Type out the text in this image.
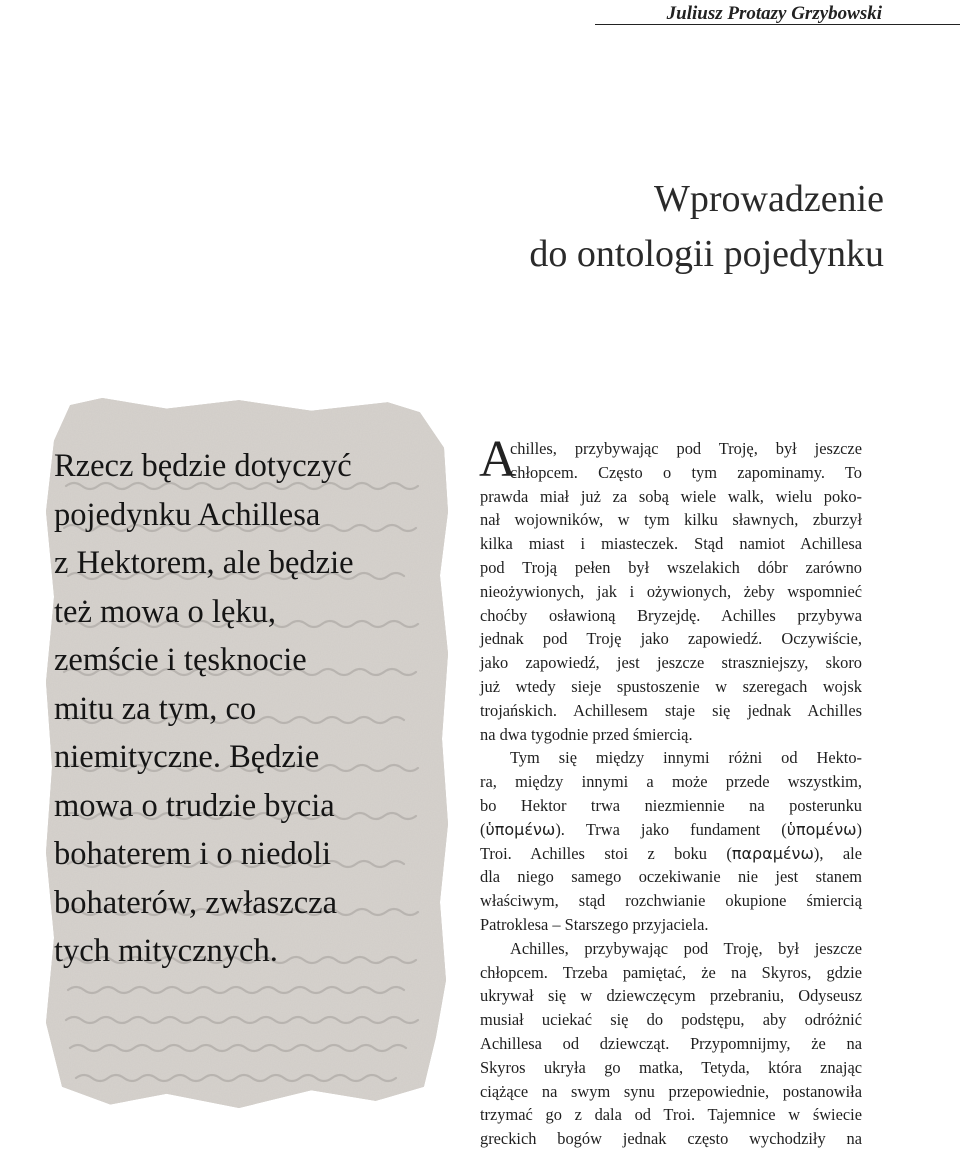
Juliusz Protazy Grzybowski
Wprowadzenie
do ontologii pojedynku
Rzecz będzie dotyczyć
pojedynku Achillesa
z Hektorem, ale będzie
też mowa o lęku,
zemście i tęsknocie
mitu za tym, co
niemityczne. Będzie
mowa o trudzie bycia
bohaterem i o niedoli
bohaterów, zwłaszcza
tych mitycznych.
A
chilles, przybywając pod Troję, był jeszcze
chłopcem. Często o tym zapominamy. To
prawda miał już za sobą wiele walk, wielu poko-
nał wojowników, w tym kilku sławnych, zburzył
kilka miast i miasteczek. Stąd namiot Achillesa
pod Troją pełen był wszelakich dóbr zarówno
nieożywionych, jak i ożywionych, żeby wspomnieć
choćby osławioną Bryzejdę. Achilles przybywa
jednak pod Troję jako zapowiedź. Oczywiście,
jako zapowiedź, jest jeszcze straszniejszy, skoro
już wtedy sieje spustoszenie w szeregach wojsk
trojańskich. Achillesem staje się jednak Achilles
na dwa tygodnie przed śmiercią.
Tym się między innymi różni od Hekto-
ra, między innymi a może przede wszystkim,
bo Hektor trwa niezmiennie na posterunku
(ὑπομένω). Trwa jako fundament (ὑπομένω)
Troi. Achilles stoi z boku (παραμένω), ale
dla niego samego oczekiwanie nie jest stanem
właściwym, stąd rozchwianie okupione śmiercią
Patroklesa – Starszego przyjaciela.
Achilles, przybywając pod Troję, był jeszcze
chłopcem. Trzeba pamiętać, że na Skyros, gdzie
ukrywał się w dziewczęcym przebraniu, Odyseusz
musiał uciekać się do podstępu, aby odróżnić
Achillesa od dziewcząt. Przypomnijmy, że na
Skyros ukryła go matka, Tetyda, która znając
ciążące na swym synu przepowiednie, postanowiła
trzymać go z dala od Troi. Tajemnice w świecie
greckich bogów jednak często wychodziły na
